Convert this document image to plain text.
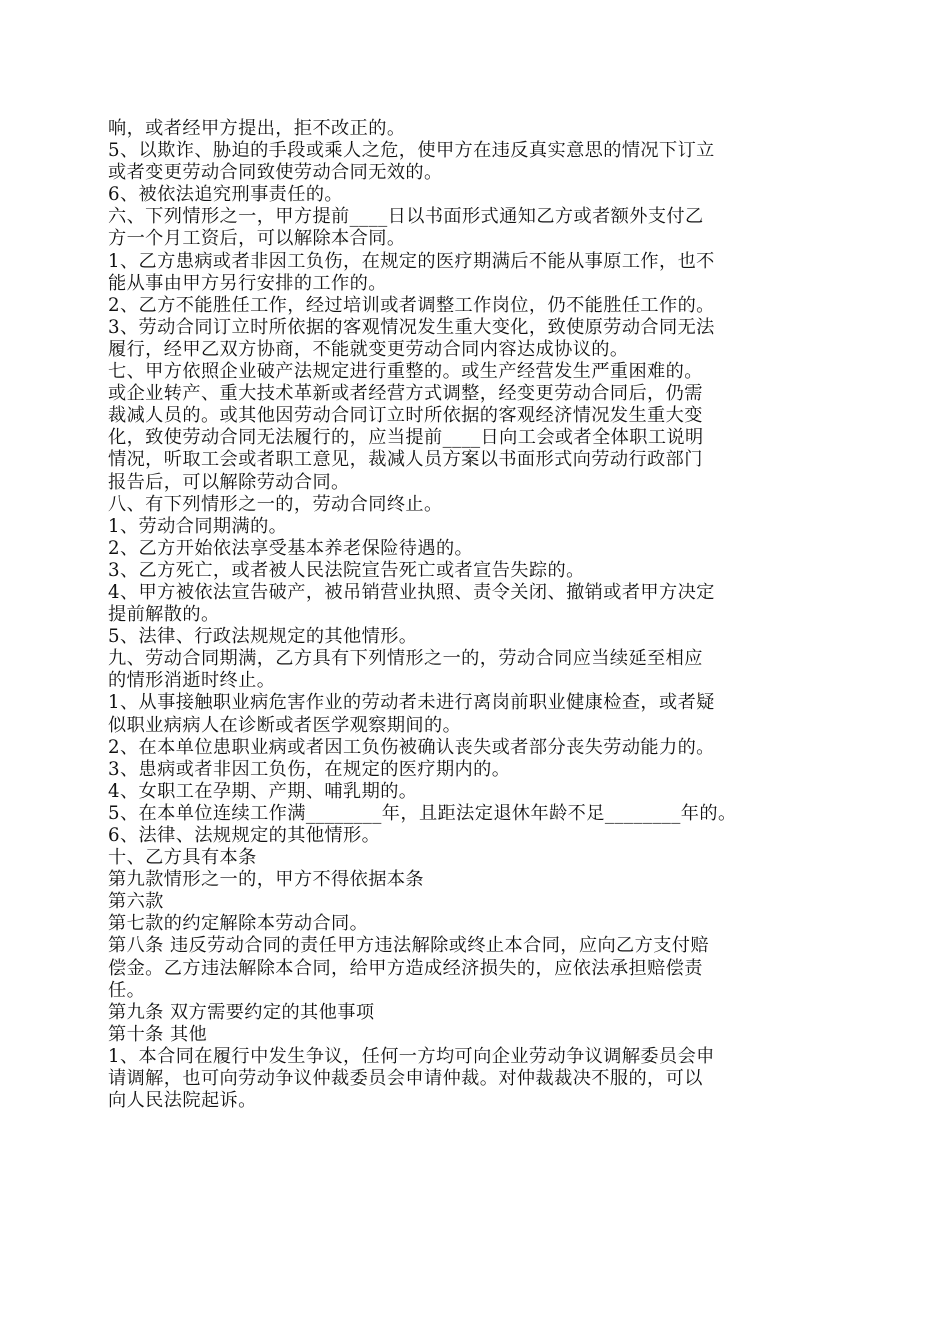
响，或者经甲方提出，拒不改正的。
5、以欺诈、胁迫的手段或乘人之危，使甲方在违反真实意思的情况下订立
或者变更劳动合同致使劳动合同无效的。
6、被依法追究刑事责任的。
六、下列情形之一，甲方提前____日以书面形式通知乙方或者额外支付乙
方一个月工资后，可以解除本合同。
1、乙方患病或者非因工负伤，在规定的医疗期满后不能从事原工作，也不
能从事由甲方另行安排的工作的。
2、乙方不能胜任工作，经过培训或者调整工作岗位，仍不能胜任工作的。
3、劳动合同订立时所依据的客观情况发生重大变化，致使原劳动合同无法
履行，经甲乙双方协商，不能就变更劳动合同内容达成协议的。
七、甲方依照企业破产法规定进行重整的。或生产经营发生严重困难的。
或企业转产、重大技术革新或者经营方式调整，经变更劳动合同后，仍需
裁减人员的。或其他因劳动合同订立时所依据的客观经济情况发生重大变
化，致使劳动合同无法履行的，应当提前____日向工会或者全体职工说明
情况，听取工会或者职工意见，裁减人员方案以书面形式向劳动行政部门
报告后，可以解除劳动合同。
八、有下列情形之一的，劳动合同终止。
1、劳动合同期满的。
2、乙方开始依法享受基本养老保险待遇的。
3、乙方死亡，或者被人民法院宣告死亡或者宣告失踪的。
4、甲方被依法宣告破产，被吊销营业执照、责令关闭、撤销或者甲方决定
提前解散的。
5、法律、行政法规规定的其他情形。
九、劳动合同期满，乙方具有下列情形之一的，劳动合同应当续延至相应
的情形消逝时终止。
1、从事接触职业病危害作业的劳动者未进行离岗前职业健康检查，或者疑
似职业病病人在诊断或者医学观察期间的。
2、在本单位患职业病或者因工负伤被确认丧失或者部分丧失劳动能力的。
3、患病或者非因工负伤，在规定的医疗期内的。
4、女职工在孕期、产期、哺乳期的。
5、在本单位连续工作满________年，且距法定退休年龄不足________年的。
6、法律、法规规定的其他情形。
十、乙方具有本条
第九款情形之一的，甲方不得依据本条
第六款
第七款的约定解除本劳动合同。
第八条 违反劳动合同的责任甲方违法解除或终止本合同，应向乙方支付赔
偿金。乙方违法解除本合同，给甲方造成经济损失的，应依法承担赔偿责
任。
第九条 双方需要约定的其他事项
第十条 其他
1、本合同在履行中发生争议，任何一方均可向企业劳动争议调解委员会申
请调解，也可向劳动争议仲裁委员会申请仲裁。对仲裁裁决不服的，可以
向人民法院起诉。
